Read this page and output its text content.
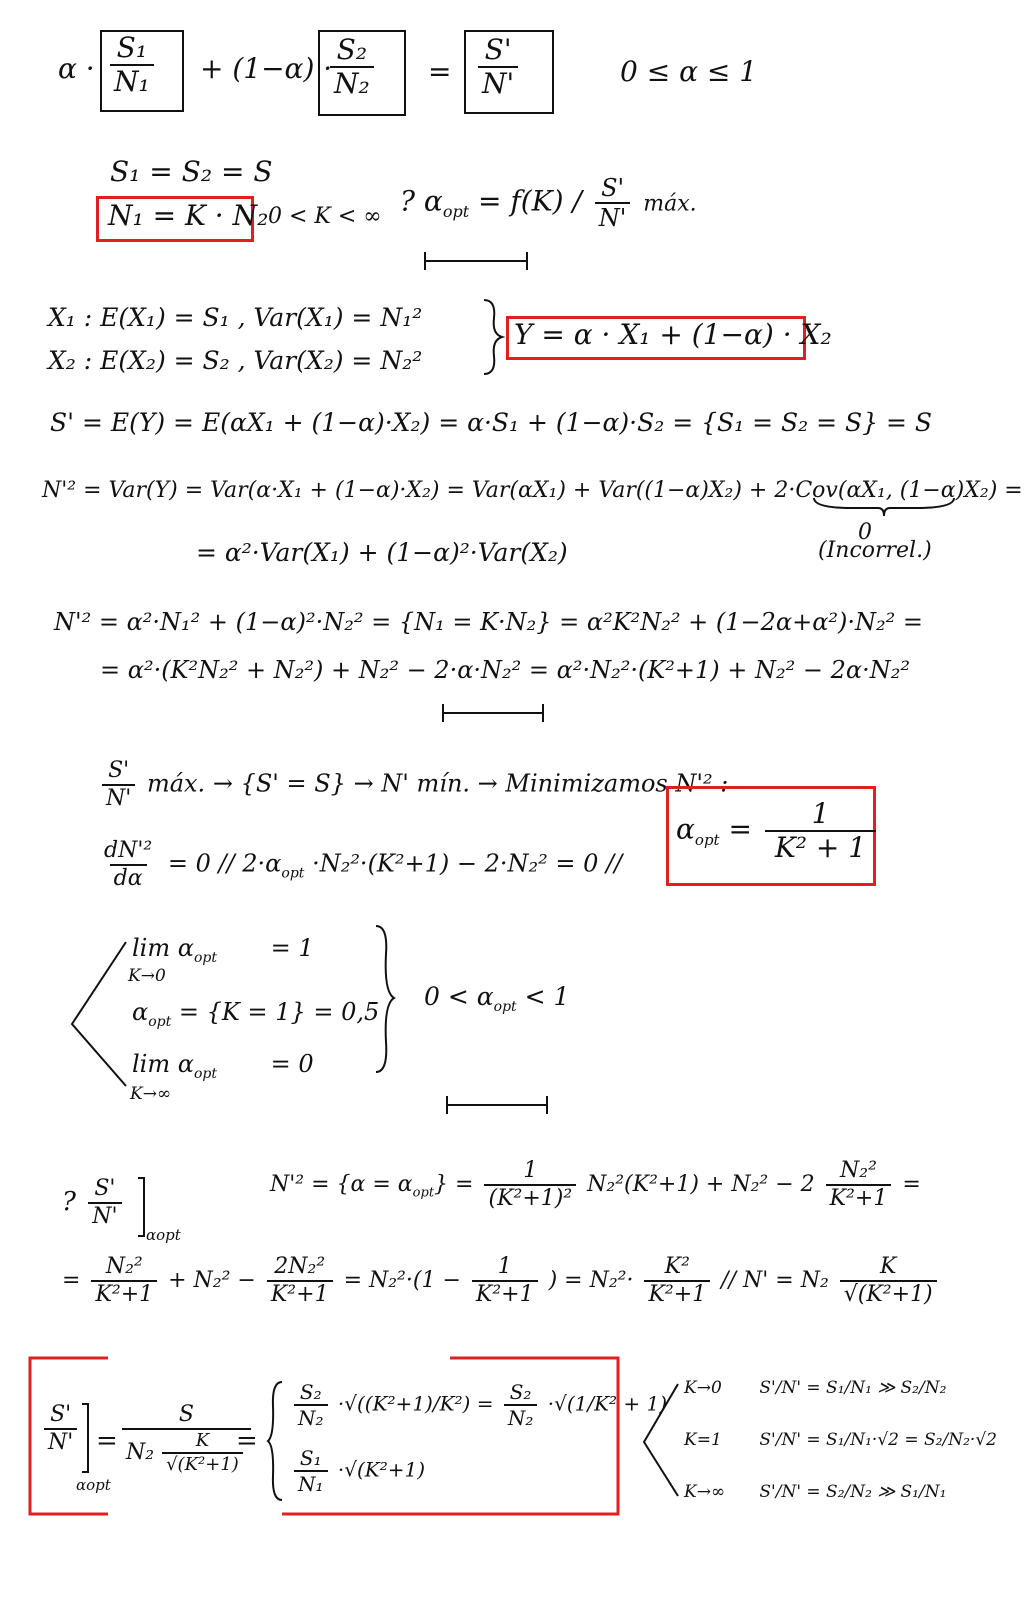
$\alpha \cdot \frac{\text{S₁}}{\text{N₁}} + (1-\alpha)$ ·
$\frac{\text{S₂}}{\text{N₂}} = \frac{S'}{N'}$	0 ≤ α ≤ 1
S₁ = S₂ = S
N₁ = K · N₂ 0 < K < ∞ ? $\alpha_{opt} = f(K) / \frac{S'}{N'}$ máx.
X₁ : E(X₁) = S₁ , Var(X₁) = N₁²
X₂ : E(X₂) = S₂ , Var(X₂) = N₂²
Y = α · X₁ + (1−α) · X₂
S' = E(Y) = E(αX₁ + (1−α)·X₂) = α·S₁ + (1−α)·S₂ = {S₁ = S₂ = S} = S
N'² = Var(Y) = Var(α·X₁ + (1−α)·X₂) = Var(αX₁) + Var((1−α)X₂) + 2·Cov(αX₁, (1−α)X₂) =
0
(Incorrel.)
= α²·Var(X₁) + (1−α)²·Var(X₂)
N'² = α²·N₁² + (1−α)²·N₂² = {N₁ = K·N₂} = α²K²N₂² + (1−2α+α²)·N₂² =
= α²·(K²N₂² + N₂²) + N₂² − 2·α·N₂² = α²·N₂²·(K²+1) + N₂² − 2α·N₂²
$\frac{S'}{N'}$ máx. → {S' = S} → N' mín. → Minimizamos N'² :
$\frac{\text{dN'²}}{d\alpha} = 0 // 2\cdot\alpha_{opt} \cdot N_2^2\cdot(K^2+1) - 2\cdot N_2^2 = 0$ //
$\alpha_{opt} = \frac{1}{\text{K² + 1}}$
$\lim \alpha_{opt} = 1$
K→0
$\alpha_{opt} = \{K = 1\} = 0,5$
$\lim \alpha_{opt} = 0$
K→∞
$0 < \alpha_{opt} < 1$
? $\frac{S'}{N'}$
αopt
$N'^2 = \{\alpha = \alpha_{opt}\} = \frac{1}{\text{(K²+1)²}} N_2^2(K^2+1) + N_2^2 - 2 \frac{\text{N₂²}}{\text{K²+1}}$ =
= $\frac{\text{N₂²}}{\text{K²+1}} + N_2^2 - \frac{\text{2N₂²}}{\text{K²+1}} = N_2^2\cdot(1 - \frac{1}{\text{K²+1}}$ ) = $N_2^2\cdot \frac{\text{K²}}{\text{K²+1}} // N' = N_2 \frac{K}{\text{√(K²+1)}}$
$\frac{S'}{N'}$
αopt
= $\frac{S}{N_2 \frac{K}{\text{√(K²+1)}}}$
=
$\frac{\text{S₂}}{\text{N₂}} \cdot√((K^2+1)/K^2) = \frac{\text{S₂}}{\text{N₂}} \cdot√(1/K^2 + 1)$
$\frac{\text{S₁}}{\text{N₁}} \cdot√(K^2+1)$
K→0 S'/N' = S₁/N₁ ≫ S₂/N₂
K=1 S'/N' = S₁/N₁·√2 = S₂/N₂·√2
K→∞ S'/N' = S₂/N₂ ≫ S₁/N₁
